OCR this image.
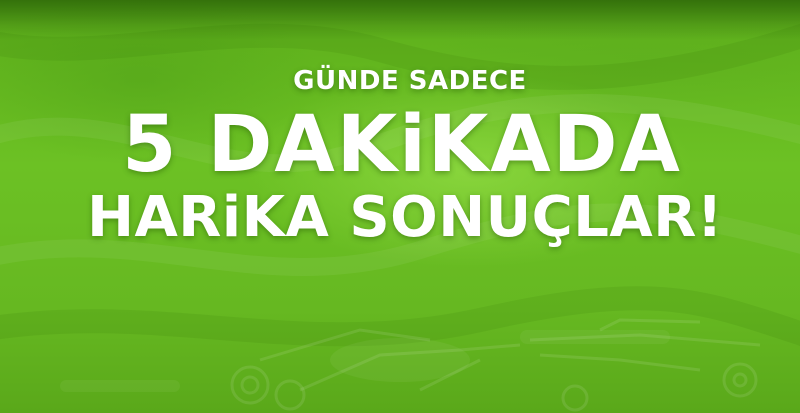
GÜNDE SADECE
5 DAKiKADA
HARiKA SONUÇLAR!
